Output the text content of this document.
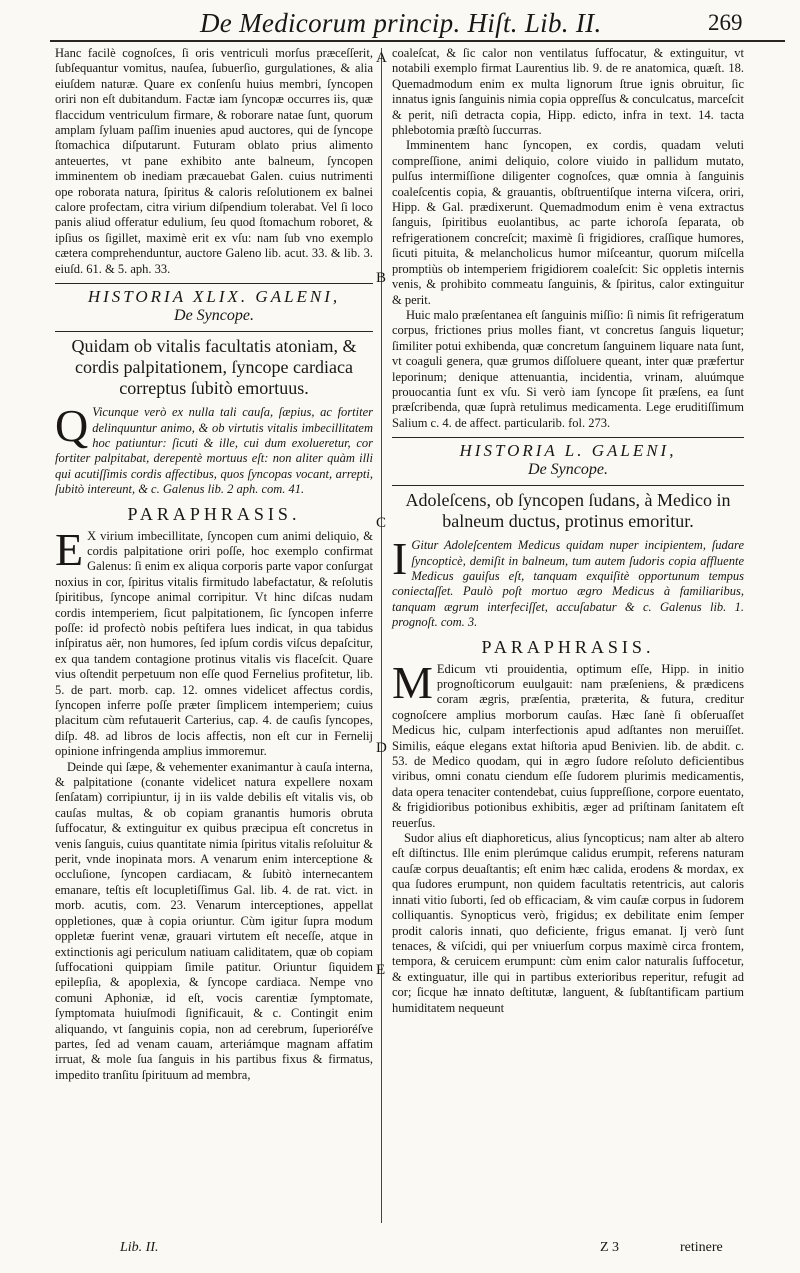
De Medicorum princip. Hiſt. Lib. II.	269

Hanc facilè cognoſces, ſi oris ventriculi morſus præceſſerit, ſubſequantur vomitus, nauſea, ſubuerſio, gurgulationes, & alia eiuſdem naturæ. Quare ex conſenſu huius membri, ſyncopen oriri non eſt dubitandum. Factæ iam ſyncopæ occurres iis, quæ flaccidum ventriculum firmare, & roborare natae ſunt, quorum amplam ſyluam paſſim inuenies apud auctores, qui de ſyncope ſtomachica diſputarunt. Futuram oblato prius alimento anteuertes, vt pane exhibito ante balneum, ſyncopen imminentem ob inediam præcauebat Galen. cuius nutrimenti ope roborata natura, ſpiritus & caloris reſolutionem ex balnei calore profectam, citra virium diſpendium tolerabat. Vel ſi loco panis aliud offeratur edulium, ſeu quod ſtomachum roboret, & ipſius os ſigillet, maximè erit ex vſu: nam ſub vno exemplo cætera comprehenduntur, auctore Galeno lib. acut. 33. & lib. 3. eiuſd. 61. & 5. aph. 33.

HISTORIA XLIX. GALENI,
De Syncope.
Quidam ob vitalis facultatis atoniam, & cordis palpitationem, ſyncope cardiaca correptus ſubitò emortuus.
Q Vicunque verò ex nulla tali cauſa, ſæpius, ac fortiter delinquuntur animo, & ob virtutis vitalis imbecillitatem hoc patiuntur: ſicuti & ille, cui dum exolueretur, cor fortiter palpitabat, derepentè mortuus eſt: non aliter quàm illi qui acutiſſimis cordis affectibus, quos ſyncopas vocant, arrepti, ſubitò intereunt, & c. Galenus lib. 2 aph. com. 41.

PARAPHRASIS.
E X virium imbecillitate, ſyncopen cum animi deliquio, & cordis palpitatione oriri poſſe, hoc exemplo confirmat Galenus: ſi enim ex aliqua corporis parte vapor conſurgat noxius in cor, ſpiritus vitalis firmitudo labefactatur, & reſolutis ſpiritibus, ſyncope animal corripitur. Vt hinc diſcas nudam cordis intemperiem, ſicut palpitationem, ſic ſyncopen inferre poſſe: id profectò nobis peſtifera lues indicat, in qua tabidus inſpiratus aër, non humores, ſed ipſum cordis viſcus depaſcitur, ex qua tandem contagione protinus vitalis vis flaceſcit. Quare vius oſtendit perpetuum non eſſe quod Fernelius profitetur, lib. 5. de part. morb. cap. 12. omnes videlicet affectus cordis, ſyncopen inferre poſſe præter ſimplicem intemperiem; cuius placitum cùm refutauerit Carterius, cap. 4. de cauſis ſyncopes, diſp. 48. ad libros de locis affectis, non eſt cur in Fernelij opinione infringenda amplius immoremur.

Deinde qui ſæpe, & vehementer exanimantur à cauſa interna, & palpitatione (conante videlicet natura expellere noxam ſenſatam) corripiuntur, ij in iis valde debilis eſt vitalis vis, ob cauſas multas, & ob copiam granantis humoris obruta ſuffocatur, & extinguitur ex quibus præcipua eſt concretus in venis ſanguis, cuius quantitate nimia ſpiritus vitalis reſoluitur & perit, vnde inopinata mors. A venarum enim interceptione & occluſione, ſyncopen cardiacam, & ſubitò internecantem emanare, teſtis eſt locupletiſſimus Gal. lib. 4. de rat. vict. in morb. acutis, com. 23. Venarum interceptiones, appellat oppletiones, quæ à copia oriuntur. Cùm igitur ſupra modum oppletæ fuerint venæ, grauari virtutem eſt neceſſe, atque in extinctionis agi periculum natiuam caliditatem, quæ ob copiam ſuffocationi quippiam ſimile patitur. Oriuntur ſiquidem epilepſia, & apoplexia, & ſyncope cardiaca. Nempe vno comuni Aphoniæ, id eſt, vocis carentiæ ſymptomate, ſymptomata huiuſmodi ſignificauit, & c. Contingit enim aliquando, vt ſanguinis copia, non ad cerebrum, ſuperioréſve partes, ſed ad venam cauam, arteriámque magnam affatim irruat, & mole ſua ſanguis in his partibus fixus & firmatus, impedito tranſitu ſpirituum ad membra,

coaleſcat, & ſic calor non ventilatus ſuffocatur, & extinguitur, vt notabili exemplo firmat Laurentius lib. 9. de re anatomica, quæſt. 18. Quemadmodum enim ex multa lignorum ſtrue ignis obruitur, ſic innatus ignis ſanguinis nimia copia oppreſſus & conculcatus, marceſcit & perit, niſi detracta copia, Hipp. edicto, infra in text. 14. tacta phlebotomia præſtò ſuccurras.

Imminentem hanc ſyncopen, ex cordis, quadam veluti compreſſione, animi deliquio, colore viuido in pallidum mutato, pulſus intermiſſione diligenter cognoſces, quæ omnia à ſanguinis coaleſcentis copia, & grauantis, obſtruentiſque interna viſcera, oriri, Hipp. & Gal. prædixerunt. Quemadmodum enim è vena extractus ſanguis, ſpiritibus euolantibus, ac parte ichoroſa ſeparata, ob refrigerationem concreſcit; maximè ſi frigidiores, craſſique humores, ſicuti pituita, & melancholicus humor miſceantur, quorum miſcella promptiùs ob intemperiem frigidiorem coaleſcit: Sic oppletis internis venis, & prohibito commeatu ſanguinis, & ſpiritus, calor extinguitur & perit.

Huic malo præſentanea eſt ſanguinis miſſio: ſi nimis ſit refrigeratum corpus, frictiones prius molles fiant, vt concretus ſanguis liquetur; ſimiliter potui exhibenda, quæ concretum ſanguinem liquare nata ſunt, vt coaguli genera, quæ grumos diſſoluere queant, inter quæ præfertur leporinum; denique attenuantia, incidentia, vrinam, aluúmque prouocantia ſunt ex vſu. Si verò iam ſyncope ſit præſens, ea ſunt præſcribenda, quæ ſuprà retulimus medicamenta. Lege eruditiſſimum Salium c. 4. de affect. particularib. fol. 273.

HISTORIA L. GALENI,
De Syncope.
Adoleſcens, ob ſyncopen ſudans, à Medico in balneum ductus, protinus emoritur.
I Gitur Adoleſcentem Medicus quidam nuper incipientem, ſudare ſyncopticè, demiſit in balneum, tum autem ſudoris copia affluente Medicus gauiſus eſt, tanquam exquiſitè opportunum tempus coniectaſſet. Paulò poſt mortuo ægro Medicus à familiaribus, tanquam ægrum interfeciſſet, accuſabatur & c. Galenus lib. 1. prognoſt. com. 3.

PARAPHRASIS.
M Edicum vti prouidentia, optimum eſſe, Hipp. in initio prognoſticorum euulgauit: nam præſeniens, & prædicens coram ægris, præſentia, præterita, & futura, creditur cognoſcere amplius morborum cauſas. Hæc ſanè ſi obſeruaſſet Medicus hic, culpam interfectionis apud adſtantes non meruiſſet. Similis, eáque elegans extat hiſtoria apud Benivien. lib. de abdit. c. 53. de Medico quodam, qui in ægro ſudore reſoluto deficientibus viribus, omni conatu ciendum eſſe ſudorem plurimis medicamentis, data opera tenaciter contendebat, cuius ſuppreſſione, corpore euentato, & frigidioribus potionibus exhibitis, æger ad priſtinam ſanitatem eſt reuerſus.

Sudor alius eſt diaphoreticus, alius ſyncopticus; nam alter ab altero eſt diſtinctus. Ille enim plerúmque calidus erumpit, referens naturam cauſæ corpus deuaſtantis; eſt enim hæc calida, erodens & mordax, ex qua ſudores erumpunt, non quidem facultatis retentricis, aut caloris innati vitio ſuborti, ſed ob efficaciam, & vim cauſæ corpus in ſudorem colliquantis. Synopticus verò, frigidus; ex debilitate enim ſemper prodit caloris innati, quo deficiente, frigus emanat. Ij verò ſunt tenaces, & viſcidi, qui per vniuerſum corpus maximè circa frontem, tempora, & ceruicem erumpunt: cùm enim calor naturalis ſuffocetur, & extinguatur, ille qui in partibus exterioribus reperitur, refugit ad cor; ſicque hæ innato deſtitutæ, languent, & ſubſtantificam partium humiditatem nequeunt

A
B
C
D
E
Lib. II.	Z 3	retinere
